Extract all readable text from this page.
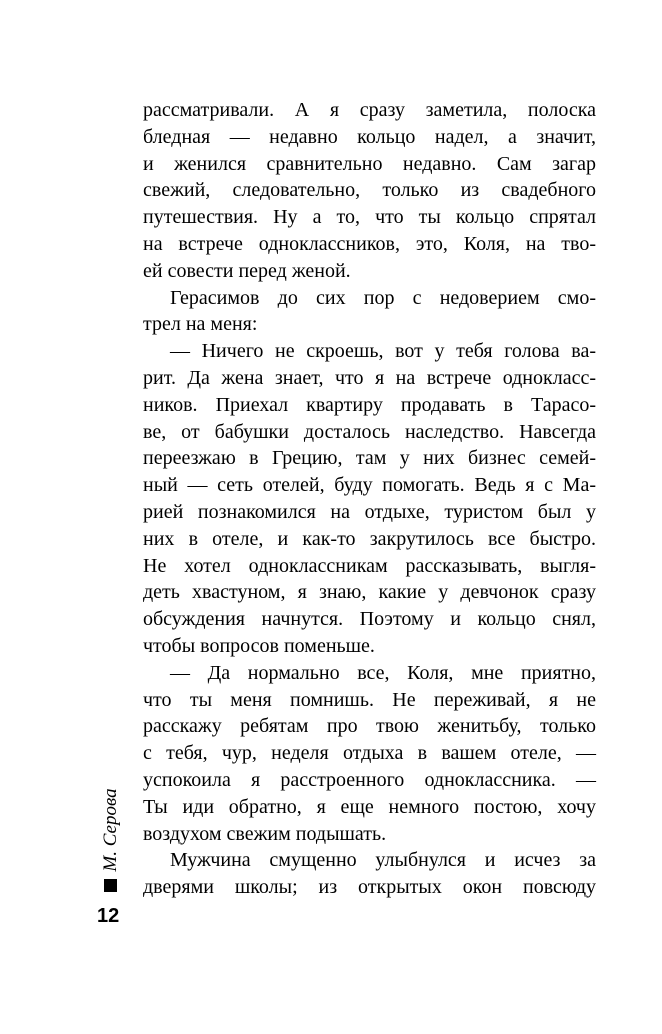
рассматривали. А я сразу заметила, полоска
бледная — недавно кольцо надел, а значит,
и женился сравнительно недавно. Сам загар
свежий, следовательно, только из свадебного
путешествия. Ну а то, что ты кольцо спрятал
на встрече одноклассников, это, Коля, на тво-
ей совести перед женой.
Герасимов до сих пор с недоверием смо-
трел на меня:
— Ничего не скроешь, вот у тебя голова ва-
рит. Да жена знает, что я на встрече однокласс-
ников. Приехал квартиру продавать в Тарасо-
ве, от бабушки досталось наследство. Навсегда
переезжаю в Грецию, там у них бизнес семей-
ный — сеть отелей, буду помогать. Ведь я с Ма-
рией познакомился на отдыхе, туристом был у
них в отеле, и как-то закрутилось все быстро.
Не хотел одноклассникам рассказывать, выгля-
деть хвастуном, я знаю, какие у девчонок сразу
обсуждения начнутся. Поэтому и кольцо снял,
чтобы вопросов поменьше.
— Да нормально все, Коля, мне приятно,
что ты меня помнишь. Не переживай, я не
расскажу ребятам про твою женитьбу, только
с тебя, чур, неделя отдыха в вашем отеле, —
успокоила я расстроенного одноклассника. —
Ты иди обратно, я еще немного постою, хочу
воздухом свежим подышать.
Мужчина смущенно улыбнулся и исчез за
дверями школы; из открытых окон повсюду
М. Серова
12
